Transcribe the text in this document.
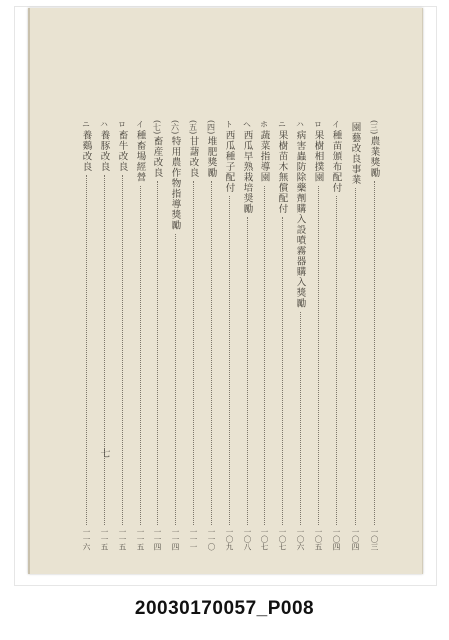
(三)
農業獎勵
一〇三
園藝改良事業
一〇四
イ
種苗頒布配付
一〇四
ロ
果樹相撲園
一〇五
ハ
病害蟲防除藥劑購入設噴霧器購入獎勵
一〇六
ニ
果樹苗木無償配付
一〇七
ホ
蔬菜指導園
一〇七
ヘ
西瓜早熟栽培奨勵
一〇八
ト
西瓜種子配付
一〇九
(四)
堆肥獎勵
一一〇
(五)
甘藷改良
一一一
(六)
特用農作物指導獎勵
一一四
(七)
畜産改良
一一四
イ
種畜場經營
一一五
ロ
畜牛改良
一一五
ハ
養豚改良
一一五
ニ
養鷄改良
一一六
七
20030170057_P008
